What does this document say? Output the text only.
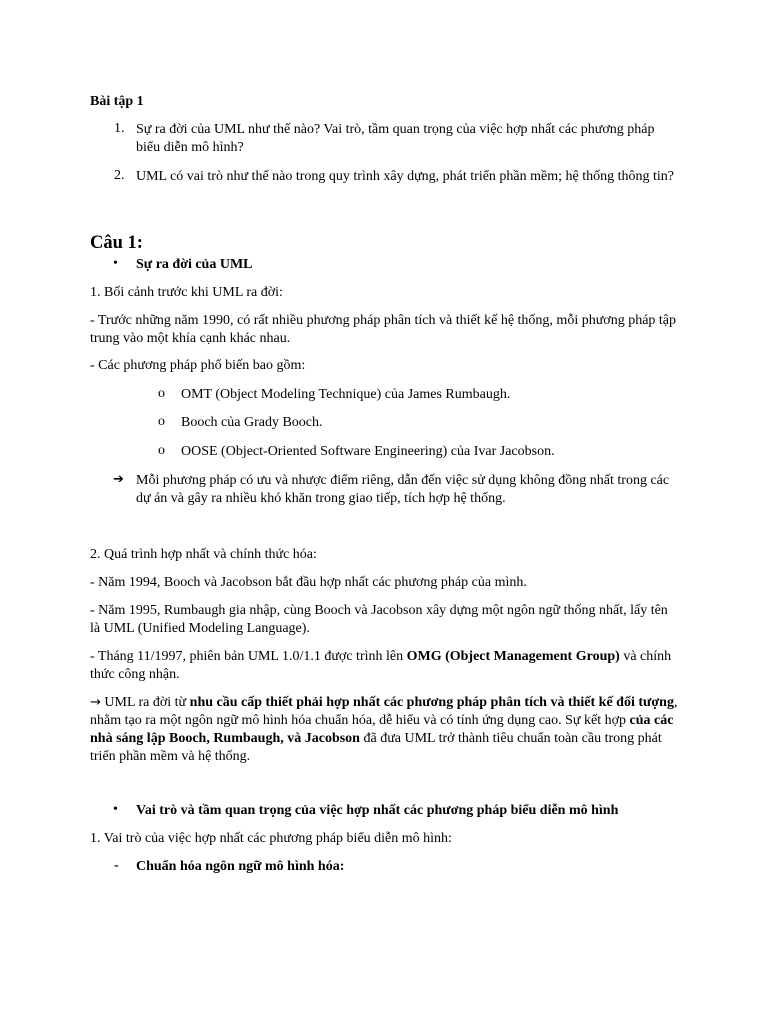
Bài tập 1
1. Sự ra đời của UML như thế nào? Vai trò, tầm quan trọng của việc hợp nhất các phương pháp biểu diễn mô hình?
2. UML có vai trò như thế nào trong quy trình xây dựng, phát triển phần mềm; hệ thống thông tin?
Câu 1:
• Sự ra đời của UML
1. Bối cảnh trước khi UML ra đời:
- Trước những năm 1990, có rất nhiều phương pháp phân tích và thiết kế hệ thống, mỗi phương pháp tập trung vào một khía cạnh khác nhau.
- Các phương pháp phổ biến bao gồm:
o OMT (Object Modeling Technique) của James Rumbaugh.
o Booch của Grady Booch.
o OOSE (Object-Oriented Software Engineering) của Ivar Jacobson.
➔ Mỗi phương pháp có ưu và nhược điểm riêng, dẫn đến việc sử dụng không đồng nhất trong các dự án và gây ra nhiều khó khăn trong giao tiếp, tích hợp hệ thống.
2. Quá trình hợp nhất và chính thức hóa:
- Năm 1994, Booch và Jacobson bắt đầu hợp nhất các phương pháp của mình.
- Năm 1995, Rumbaugh gia nhập, cùng Booch và Jacobson xây dựng một ngôn ngữ thống nhất, lấy tên là UML (Unified Modeling Language).
- Tháng 11/1997, phiên bản UML 1.0/1.1 được trình lên OMG (Object Management Group) và chính thức công nhận.
→ UML ra đời từ nhu cầu cấp thiết phải hợp nhất các phương pháp phân tích và thiết kế đối tượng, nhằm tạo ra một ngôn ngữ mô hình hóa chuẩn hóa, dễ hiểu và có tính ứng dụng cao. Sự kết hợp của các nhà sáng lập Booch, Rumbaugh, và Jacobson đã đưa UML trở thành tiêu chuẩn toàn cầu trong phát triển phần mềm và hệ thống.
• Vai trò và tầm quan trọng của việc hợp nhất các phương pháp biểu diễn mô hình
1. Vai trò của việc hợp nhất các phương pháp biểu diễn mô hình:
- Chuẩn hóa ngôn ngữ mô hình hóa:
